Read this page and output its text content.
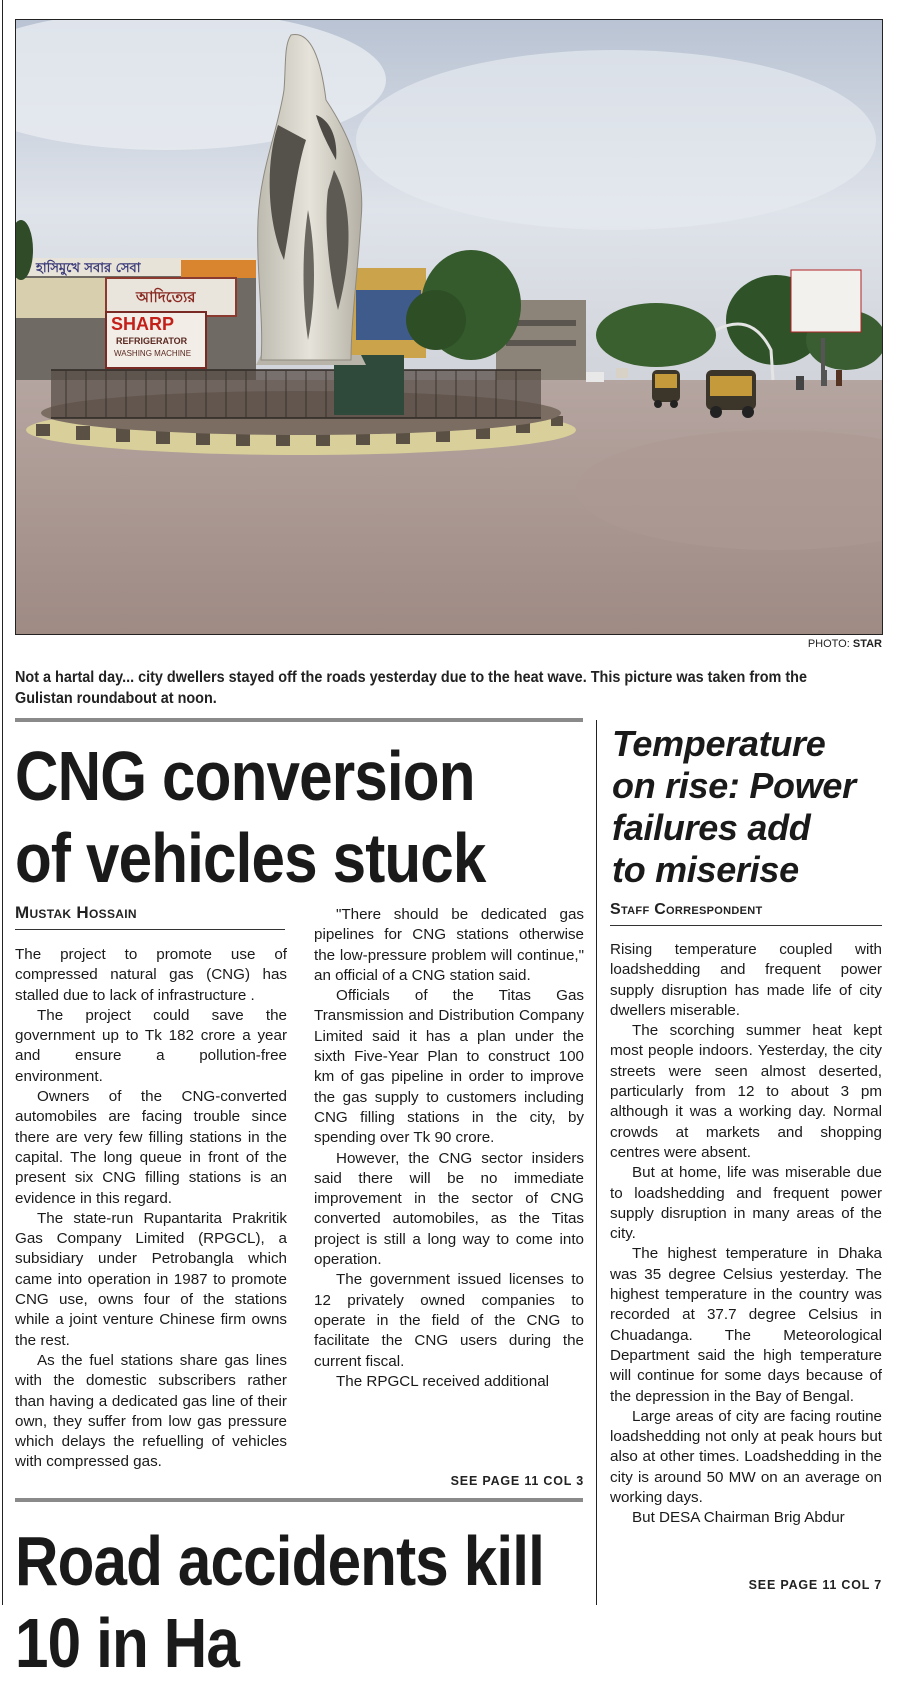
হাসিমুখে সবার সেবা
আদিত্যের
SHARP
REFRIGERATOR
WASHING MACHINE
PHOTO: STAR
Not a hartal day... city dwellers stayed off the roads yesterday due to the heat wave. This picture was taken from the Gulistan roundabout at noon.
CNG conversion
of vehicles stuck
Mustak Hossain

The project to promote use of compressed natural gas (CNG) has stalled due to lack of infrastructure .

The project could save the government up to Tk 182 crore a year and ensure a pollution-free environment.

Owners of the CNG-converted automobiles are facing trouble since there are very few filling stations in the capital. The long queue in front of the present six CNG filling stations is an evidence in this regard.

The state-run Rupantarita Prakritik Gas Company Limited (RPGCL), a subsidiary under Petrobangla which came into operation in 1987 to promote CNG use, owns four of the stations while a joint venture Chinese firm owns the rest.

As the fuel stations share gas lines with the domestic subscribers rather than having a dedicated gas line of their own, they suffer from low gas pressure which delays the refuelling of vehicles with compressed gas.

"There should be dedicated gas pipelines for CNG stations otherwise the low-pressure problem will continue," an official of a CNG station said.

Officials of the Titas Gas Transmission and Distribution Company Limited said it has a plan under the sixth Five-Year Plan to construct 100 km of gas pipeline in order to improve the gas supply to customers including CNG filling stations in the city, by spending over Tk 90 crore.

However, the CNG sector insiders said there will be no immediate improvement in the sector of CNG converted automobiles, as the Titas project is still a long way to come into operation.

The government issued licenses to 12 privately owned companies to operate in the field of the CNG to facilitate the CNG users during the current fiscal.

The RPGCL received additional

SEE PAGE 11 COL 3
Road accidents kill
10 in Ha
Temperature
on rise: Power
failures add
to miserise
Staff Correspondent

Rising temperature coupled with loadshedding and frequent power supply disruption has made life of city dwellers miserable.

The scorching summer heat kept most people indoors. Yesterday, the city streets were seen almost deserted, particularly from 12 to about 3 pm although it was a working day. Normal crowds at markets and shopping centres were absent.

But at home, life was miserable due to loadshedding and frequent power supply disruption in many areas of the city.

The highest temperature in Dhaka was 35 degree Celsius yesterday. The highest temperature in the country was recorded at 37.7 degree Celsius in Chuadanga. The Meteorological Department said the high temperature will continue for some days because of the depression in the Bay of Bengal.

Large areas of city are facing routine loadshedding not only at peak hours but also at other times. Loadshedding in the city is around 50 MW on an average on working days.

But DESA Chairman Brig Abdur

SEE PAGE 11 COL 7
